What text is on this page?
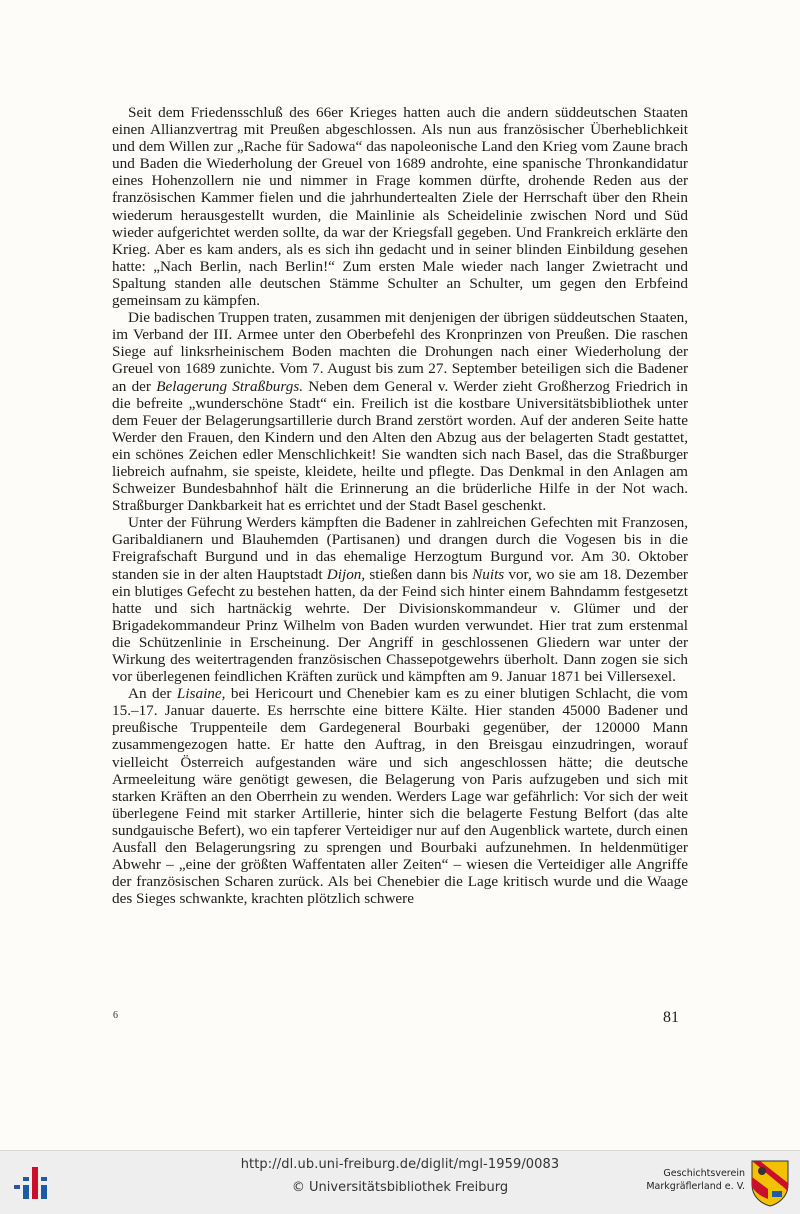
Seit dem Friedensschluß des 66er Krieges hatten auch die andern süddeutschen Staaten einen Allianzvertrag mit Preußen abgeschlossen. Als nun aus französischer Überheblichkeit und dem Willen zur „Rache für Sadowa“ das napoleonische Land den Krieg vom Zaune brach und Baden die Wiederholung der Greuel von 1689 androhte, eine spanische Thronkandidatur eines Hohenzollern nie und nimmer in Frage kommen dürfte, drohende Reden aus der französischen Kammer fielen und die jahrhundertealten Ziele der Herrschaft über den Rhein wiederum herausgestellt wurden, die Mainlinie als Scheidelinie zwischen Nord und Süd wieder aufgerichtet werden sollte, da war der Kriegsfall gegeben. Und Frankreich erklärte den Krieg. Aber es kam anders, als es sich ihn gedacht und in seiner blinden Einbildung gesehen hatte: „Nach Berlin, nach Berlin!“ Zum ersten Male wieder nach langer Zwietracht und Spaltung standen alle deutschen Stämme Schulter an Schulter, um gegen den Erbfeind gemeinsam zu kämpfen.

Die badischen Truppen traten, zusammen mit denjenigen der übrigen süddeutschen Staaten, im Verband der III. Armee unter den Oberbefehl des Kronprinzen von Preußen. Die raschen Siege auf linksrheinischem Boden machten die Drohungen nach einer Wiederholung der Greuel von 1689 zunichte. Vom 7. August bis zum 27. September beteiligen sich die Badener an der Belagerung Straßburgs. Neben dem General v. Werder zieht Großherzog Friedrich in die befreite „wunderschöne Stadt“ ein. Freilich ist die kostbare Universitätsbibliothek unter dem Feuer der Belagerungsartillerie durch Brand zerstört worden. Auf der anderen Seite hatte Werder den Frauen, den Kindern und den Alten den Abzug aus der belagerten Stadt gestattet, ein schönes Zeichen edler Menschlichkeit! Sie wandten sich nach Basel, das die Straßburger liebreich aufnahm, sie speiste, kleidete, heilte und pflegte. Das Denkmal in den Anlagen am Schweizer Bundesbahnhof hält die Erinnerung an die brüderliche Hilfe in der Not wach. Straßburger Dankbarkeit hat es errichtet und der Stadt Basel geschenkt.

Unter der Führung Werders kämpften die Badener in zahlreichen Gefechten mit Franzosen, Garibaldianern und Blauhemden (Partisanen) und drangen durch die Vogesen bis in die Freigrafschaft Burgund und in das ehemalige Herzogtum Burgund vor. Am 30. Oktober standen sie in der alten Hauptstadt Dijon, stießen dann bis Nuits vor, wo sie am 18. Dezember ein blutiges Gefecht zu bestehen hatten, da der Feind sich hinter einem Bahndamm festgesetzt hatte und sich hartnäckig wehrte. Der Divisionskommandeur v. Glümer und der Brigadekommandeur Prinz Wilhelm von Baden wurden verwundet. Hier trat zum erstenmal die Schützenlinie in Erscheinung. Der Angriff in geschlossenen Gliedern war unter der Wirkung des weitertragenden französischen Chassepotgewehrs überholt. Dann zogen sie sich vor überlegenen feindlichen Kräften zurück und kämpften am 9. Januar 1871 bei Villersexel.

An der Lisaine, bei Hericourt und Chenebier kam es zu einer blutigen Schlacht, die vom 15.–17. Januar dauerte. Es herrschte eine bittere Kälte. Hier standen 45000 Badener und preußische Truppenteile dem Gardegeneral Bourbaki gegenüber, der 120000 Mann zusammengezogen hatte. Er hatte den Auftrag, in den Breisgau einzudringen, worauf vielleicht Österreich aufgestanden wäre und sich angeschlossen hätte; die deutsche Armeeleitung wäre genötigt gewesen, die Belagerung von Paris aufzugeben und sich mit starken Kräften an den Oberrhein zu wenden. Werders Lage war gefährlich: Vor sich der weit überlegene Feind mit starker Artillerie, hinter sich die belagerte Festung Belfort (das alte sundgauische Befert), wo ein tapferer Verteidiger nur auf den Augenblick wartete, durch einen Ausfall den Belagerungsring zu sprengen und Bourbaki aufzunehmen. In heldenmütiger Abwehr – „eine der größten Waffentaten aller Zeiten“ – wiesen die Verteidiger alle Angriffe der französischen Scharen zurück. Als bei Chenebier die Lage kritisch wurde und die Waage des Sieges schwankte, krachten plötzlich schwere

6	81
http://dl.ub.uni-freiburg.de/diglit/mgl-1959/0083
© Universitätsbibliothek Freiburg
Geschichtsverein
Markgräflerland e. V.
